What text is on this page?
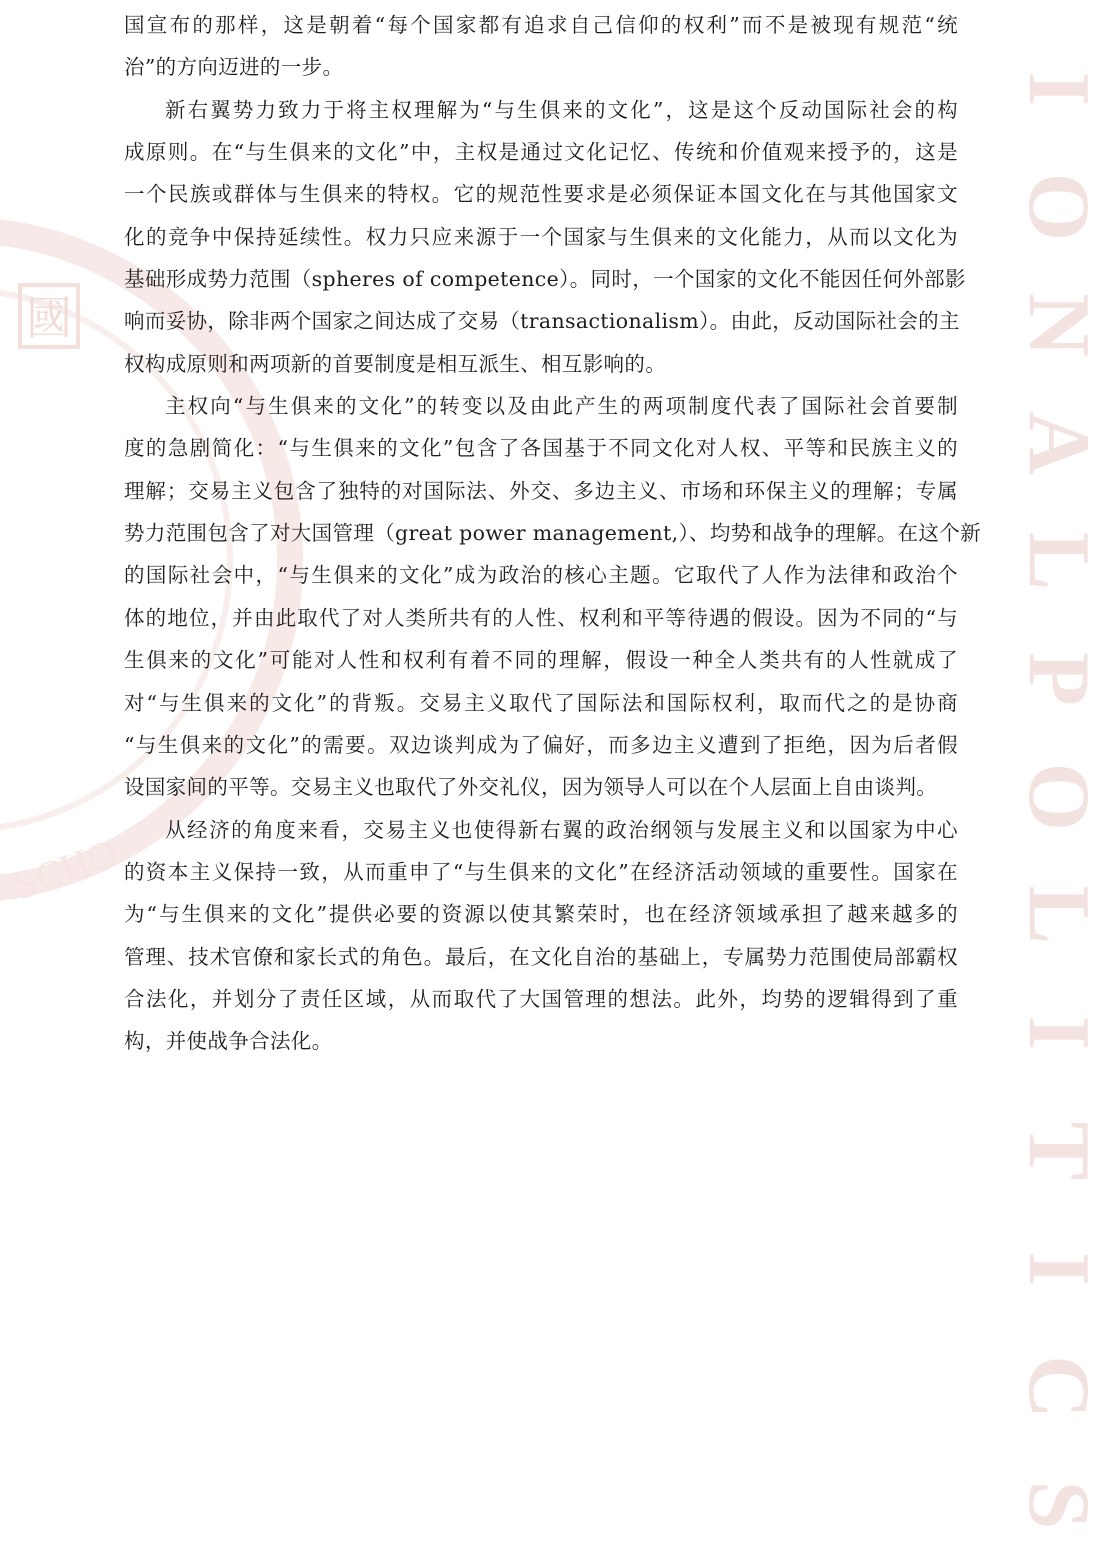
國
SCHO
I
O
N
A
L
P
O
L
I
T
I
C
S
国宣布的那样，这是朝着“每个国家都有追求自己信仰的权利”而不是被现有规范“统
治”的方向迈进的一步。
新右翼势力致力于将主权理解为“与生俱来的文化”，这是这个反动国际社会的构
成原则。在“与生俱来的文化”中，主权是通过文化记忆、传统和价值观来授予的，这是
一个民族或群体与生俱来的特权。它的规范性要求是必须保证本国文化在与其他国家文
化的竞争中保持延续性。权力只应来源于一个国家与生俱来的文化能力，从而以文化为
基础形成势力范围（spheres of competence）。同时，一个国家的文化不能因任何外部影
响而妥协，除非两个国家之间达成了交易（transactionalism）。由此，反动国际社会的主
权构成原则和两项新的首要制度是相互派生、相互影响的。
主权向“与生俱来的文化”的转变以及由此产生的两项制度代表了国际社会首要制
度的急剧简化：“与生俱来的文化”包含了各国基于不同文化对人权、平等和民族主义的
理解；交易主义包含了独特的对国际法、外交、多边主义、市场和环保主义的理解；专属
势力范围包含了对大国管理（great power management,）、均势和战争的理解。在这个新
的国际社会中，“与生俱来的文化”成为政治的核心主题。它取代了人作为法律和政治个
体的地位，并由此取代了对人类所共有的人性、权利和平等待遇的假设。因为不同的“与
生俱来的文化”可能对人性和权利有着不同的理解，假设一种全人类共有的人性就成了
对“与生俱来的文化”的背叛。交易主义取代了国际法和国际权利，取而代之的是协商
“与生俱来的文化”的需要。双边谈判成为了偏好，而多边主义遭到了拒绝，因为后者假
设国家间的平等。交易主义也取代了外交礼仪，因为领导人可以在个人层面上自由谈判。
从经济的角度来看，交易主义也使得新右翼的政治纲领与发展主义和以国家为中心
的资本主义保持一致，从而重申了“与生俱来的文化”在经济活动领域的重要性。国家在
为“与生俱来的文化”提供必要的资源以使其繁荣时，也在经济领域承担了越来越多的
管理、技术官僚和家长式的角色。最后，在文化自治的基础上，专属势力范围使局部霸权
合法化，并划分了责任区域，从而取代了大国管理的想法。此外，均势的逻辑得到了重
构，并使战争合法化。
